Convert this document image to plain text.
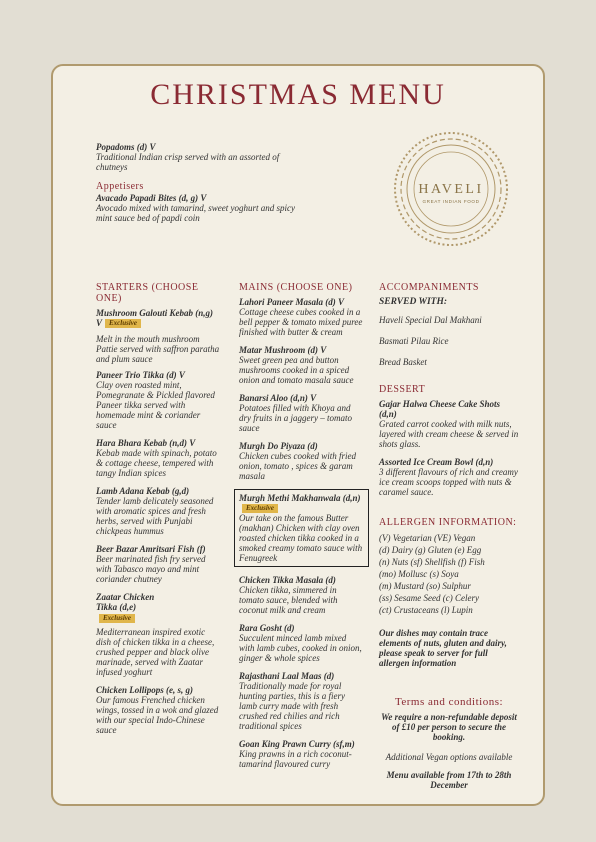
CHRISTMAS MENU
HAVELI
GREAT INDIAN FOOD
Popadoms (d) V
Traditional Indian crisp served with an assorted of chutneys
Appetisers
Avacado Papadi Bites (d, g) V
Avocado mixed with tamarind, sweet yoghurt and spicy mint sauce bed of papdi coin
STARTERS (CHOOSE ONE)
Mushroom Galouti Kebab (n,g) V Exclusive
Melt in the mouth mushroom Pattie served with saffron paratha and plum sauce
Paneer Trio Tikka (d) V
Clay oven roasted mint, Pomegranate & Pickled flavored Paneer tikka served with homemade mint & coriander sauce
Hara Bhara Kebab (n,d) V
Kebab made with spinach, potato & cottage cheese, tempered with tangy Indian spices
Lamb Adana Kebab (g,d)
Tender lamb delicately seasoned with aromatic spices and fresh herbs, served with Punjabi chickpeas hummus
Beer Bazar Amritsari Fish (f)
Beer marinated fish fry served with Tabasco mayo and mint coriander chutney
Zaatar Chicken Tikka (d,e)Exclusive
Mediterranean inspired exotic dish of chicken tikka in a cheese, crushed pepper and black olive marinade, served with Zaatar infused yoghurt
Chicken Lollipops (e, s, g)
Our famous Frenched chicken wings, tossed in a wok and glazed with our special Indo-Chinese sauce
MAINS (CHOOSE ONE)
Lahori Paneer Masala (d) V
Cottage cheese cubes cooked in a bell pepper & tomato mixed puree finished with butter & cream
Matar Mushroom (d) V
Sweet green pea and button mushrooms cooked in a spiced onion and tomato masala sauce
Banarsi Aloo (d,n) V
Potatoes filled with Khoya and dry fruits in a jaggery – tomato sauce
Murgh Do Piyaza (d)
Chicken cubes cooked with fried onion, tomato , spices & garam masala
Murgh Methi Makhanwala (d,n)Exclusive
Our take on the famous Butter (makhan) Chicken with clay oven roasted chicken tikka cooked in a smoked creamy tomato sauce with Fenugreek
Chicken Tikka Masala (d)
Chicken tikka, simmered in tomato sauce, blended with coconut milk and cream
Rara Gosht (d)
Succulent minced lamb mixed with lamb cubes, cooked in onion, ginger & whole spices
Rajasthani Laal Maas (d)
Traditionally made for royal hunting parties, this is a fiery lamb curry made with fresh crushed red chilies and rich traditional spices
Goan King Prawn Curry (sf,m)
King prawns in a rich coconut-tamarind flavoured curry
ACCOMPANIMENTS
SERVED WITH:
Haveli Special Dal Makhani
Basmati Pilau Rice
Bread Basket
DESSERT
Gajar Halwa Cheese Cake Shots (d,n)
Grated carrot cooked with milk nuts, layered with cream cheese & served in shots glass.
Assorted Ice Cream Bowl (d,n)
3 different flavours of rich and creamy ice cream scoops topped with nuts & caramel sauce.
ALLERGEN INFORMATION:
(V) Vegetarian (VE) Vegan
(d) Dairy (g) Gluten (e) Egg
(n) Nuts (sf) Shellfish (f) Fish
(mo) Mollusc (s) Soya
(m) Mustard (so) Sulphur
(ss) Sesame Seed (c) Celery
(ct) Crustaceans (l) Lupin
Our dishes may contain trace elements of nuts, gluten and dairy, please speak to server for full allergen information
Terms and conditions:
We require a non-refundable deposit of £10 per person to secure the booking.
Additional Vegan options available
Menu available from 17th to 28th December
